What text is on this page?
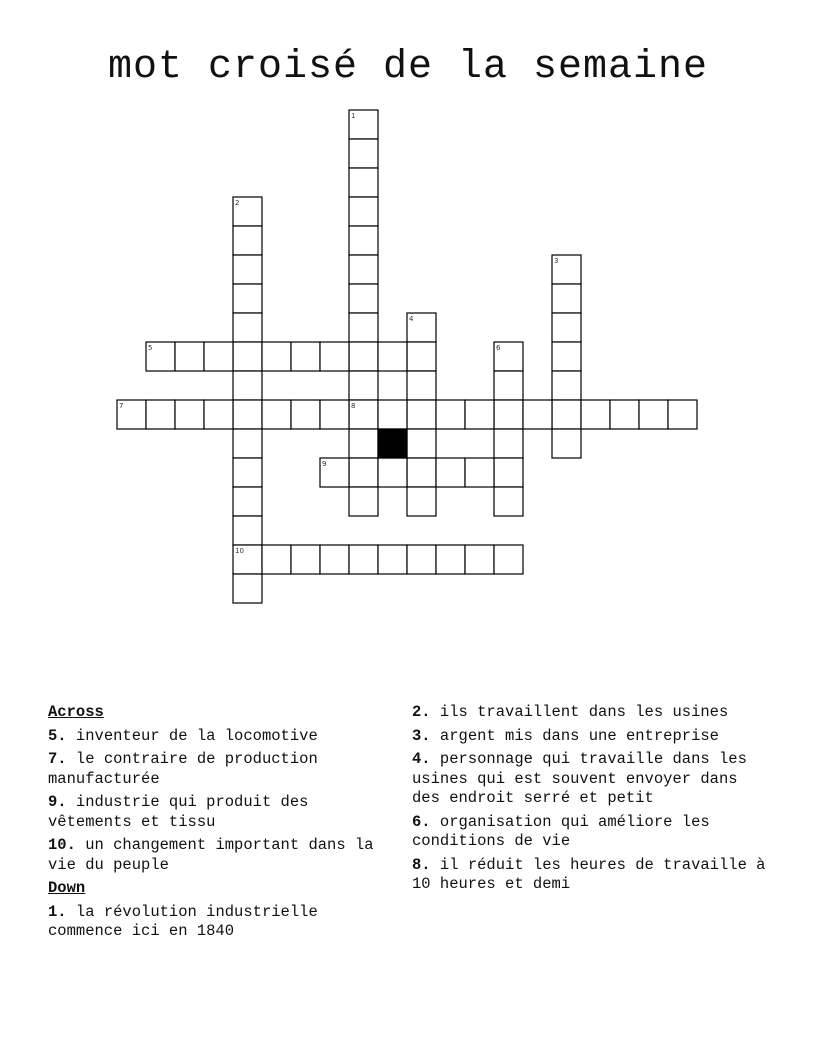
mot croisé de la semaine
1
2
3
4
5	6
7	8
9
10
Across
5. inventeur de la locomotive
7. le contraire de production manufacturée
9. industrie qui produit des vêtements et tissu
10. un changement important dans la vie du peuple
Down
1. la révolution industrielle commence ici en 1840
2. ils travaillent dans les usines
3. argent mis dans une entreprise
4. personnage qui travaille dans les usines qui est souvent envoyer dans des endroit serré et petit
6. organisation qui améliore les conditions de vie
8. il réduit les heures de travaille à 10 heures et demi
